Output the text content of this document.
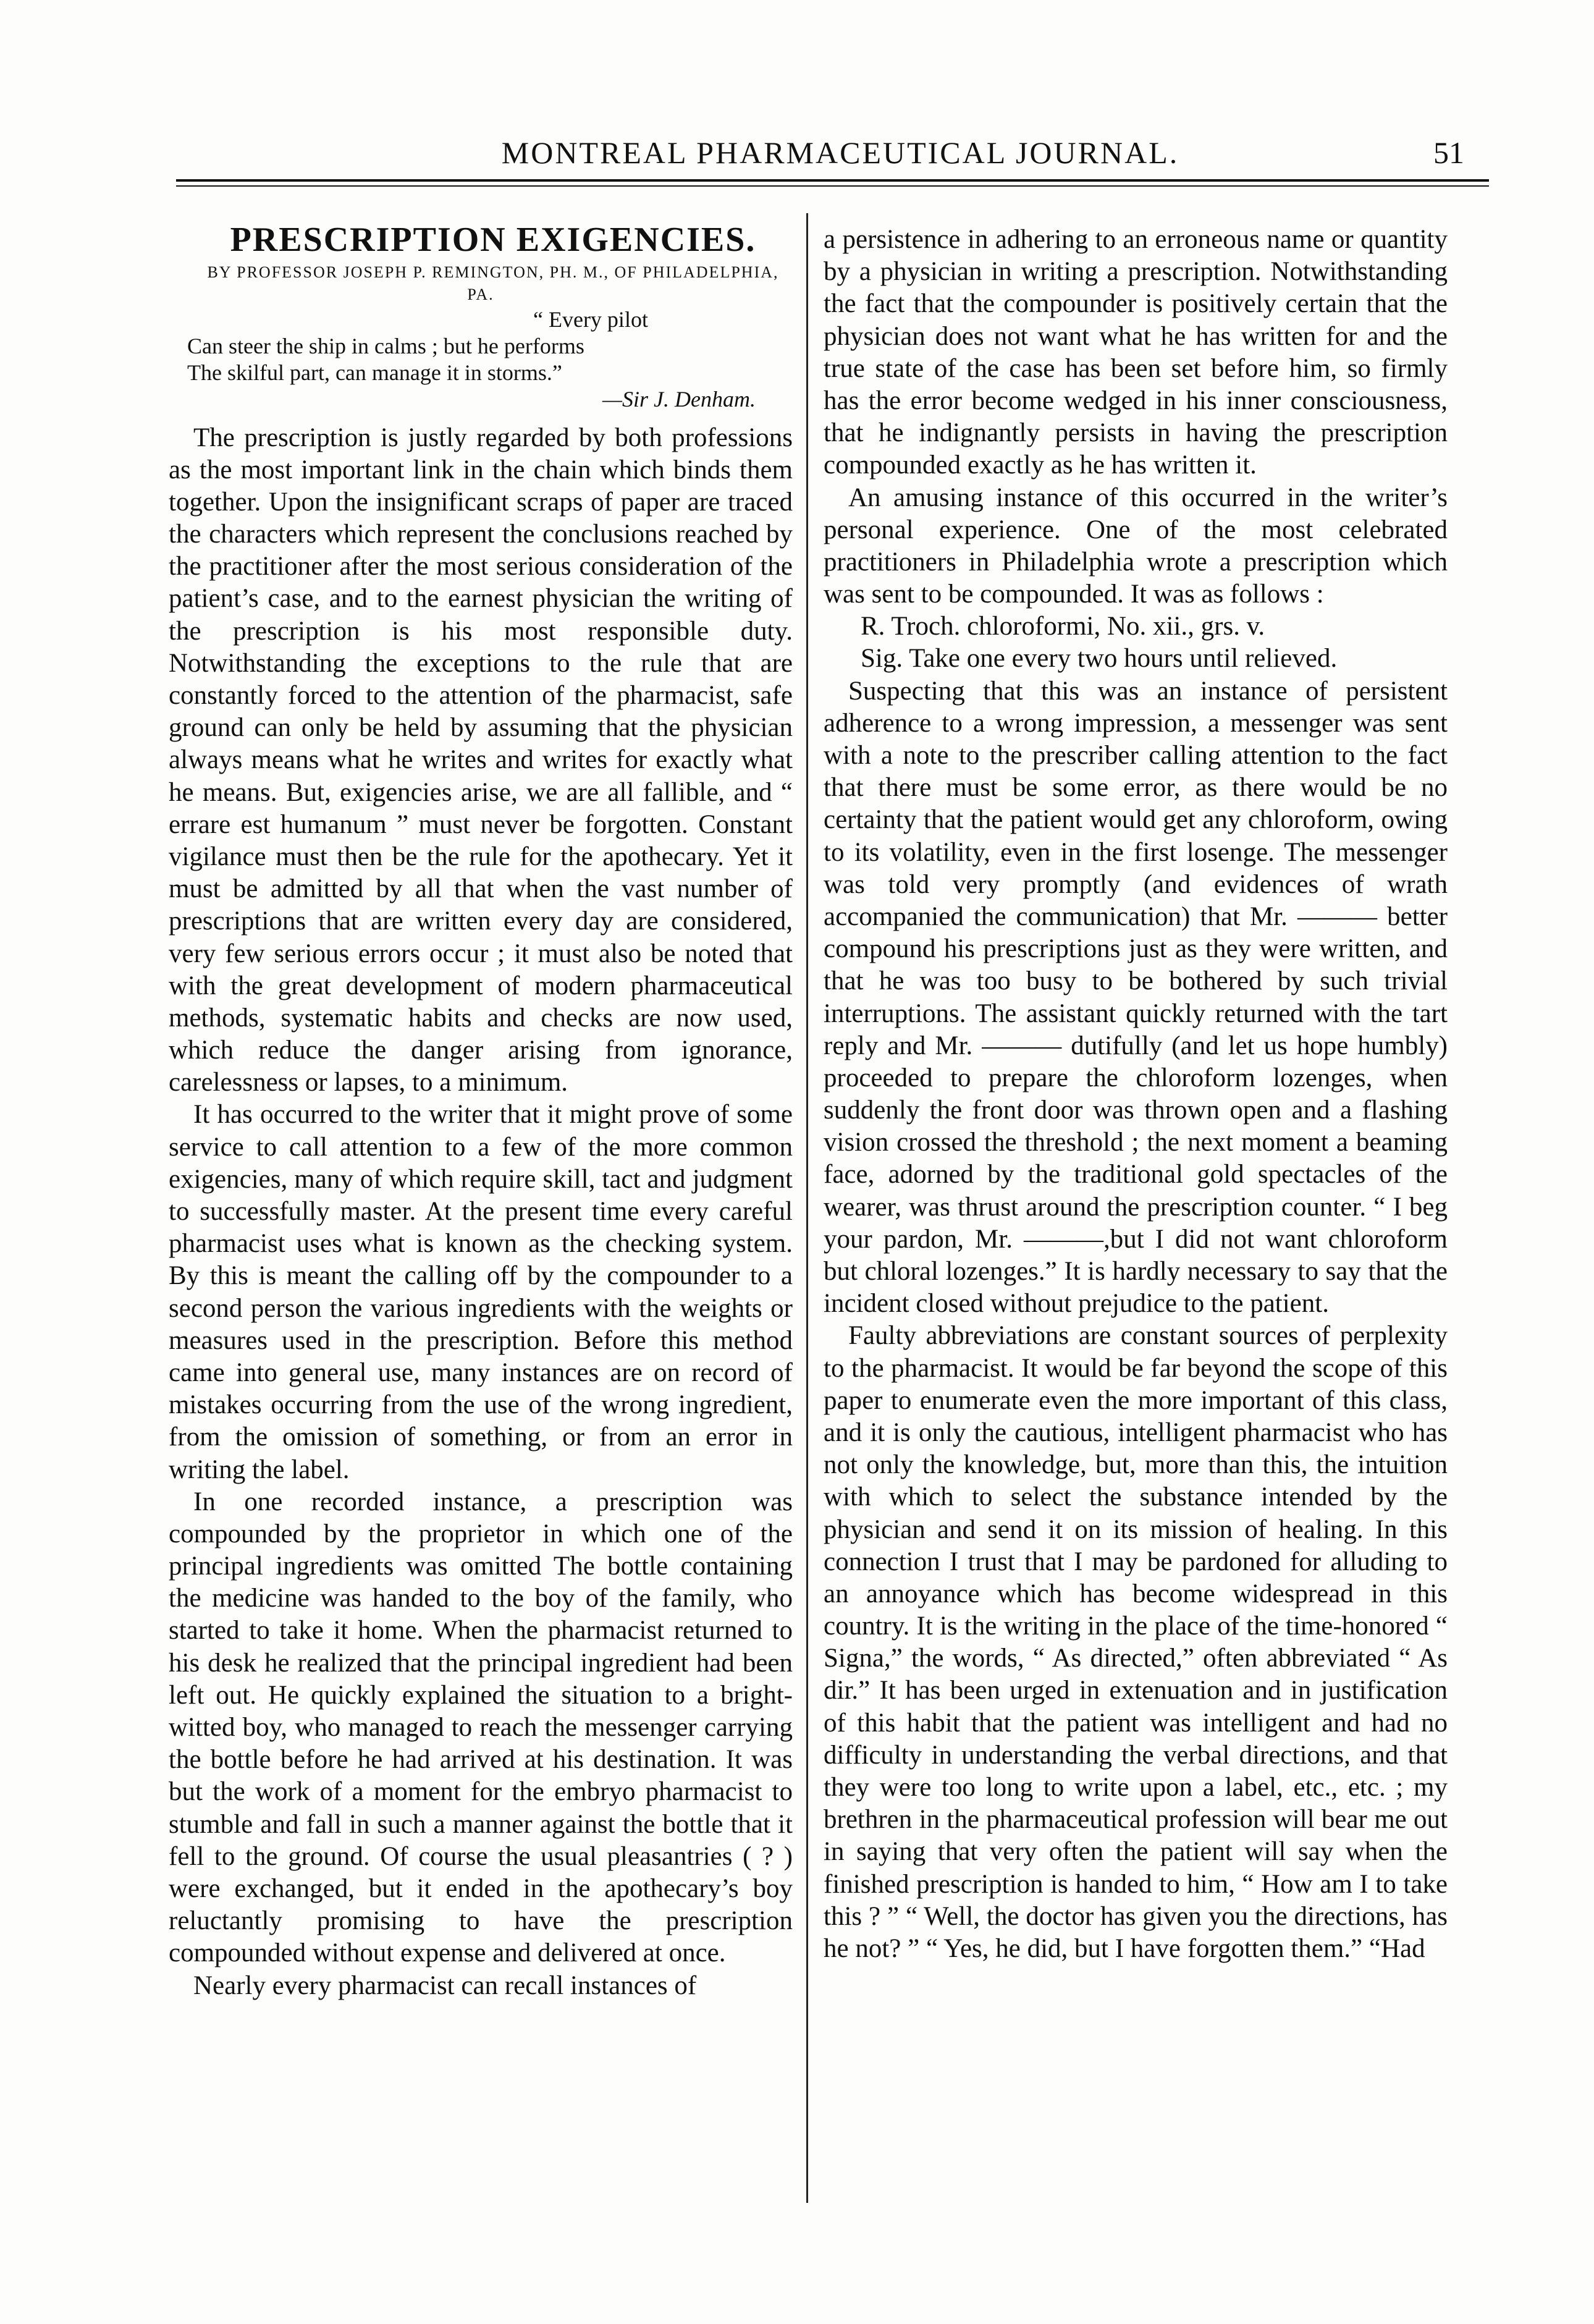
MONTREAL PHARMACEUTICAL JOURNAL.	51

PRESCRIPTION EXIGENCIES.

BY PROFESSOR JOSEPH P. REMINGTON, PH. M., OF PHILADELPHIA, PA.

“ Every pilot
Can steer the ship in calms ; but he performs
The skilful part, can manage it in storms.”
—Sir J. Denham.

The prescription is justly regarded by both professions as the most important link in the chain which binds them together. Upon the insignificant scraps of paper are traced the characters which represent the conclusions reached by the practitioner after the most serious consideration of the patient’s case, and to the earnest physician the writing of the prescription is his most responsible duty. Notwithstanding the exceptions to the rule that are constantly forced to the attention of the pharmacist, safe ground can only be held by assuming that the physician always means what he writes and writes for exactly what he means. But, exigencies arise, we are all fallible, and “ errare est humanum ” must never be forgotten. Constant vigilance must then be the rule for the apothecary. Yet it must be admitted by all that when the vast number of prescriptions that are written every day are considered, very few serious errors occur ; it must also be noted that with the great development of modern pharmaceutical methods, systematic habits and checks are now used, which reduce the danger arising from ignorance, carelessness or lapses, to a minimum.

It has occurred to the writer that it might prove of some service to call attention to a few of the more common exigencies, many of which require skill, tact and judgment to successfully master. At the present time every careful pharmacist uses what is known as the checking system. By this is meant the calling off by the compounder to a second person the various ingredients with the weights or measures used in the prescription. Before this method came into general use, many instances are on record of mistakes occurring from the use of the wrong ingredient, from the omission of something, or from an error in writing the label.

In one recorded instance, a prescription was compounded by the proprietor in which one of the principal ingredients was omitted The bottle containing the medicine was handed to the boy of the family, who started to take it home. When the pharmacist returned to his desk he realized that the principal ingredient had been left out. He quickly explained the situation to a bright-witted boy, who managed to reach the messenger carrying the bottle before he had arrived at his destination. It was but the work of a moment for the embryo pharmacist to stumble and fall in such a manner against the bottle that it fell to the ground. Of course the usual pleasantries ( ? ) were exchanged, but it ended in the apothecary’s boy reluctantly promising to have the prescription compounded without expense and delivered at once.

Nearly every pharmacist can recall instances of

a persistence in adhering to an erroneous name or quantity by a physician in writing a prescription. Notwithstanding the fact that the compounder is positively certain that the physician does not want what he has written for and the true state of the case has been set before him, so firmly has the error become wedged in his inner consciousness, that he indignantly persists in having the prescription compounded exactly as he has written it.

An amusing instance of this occurred in the writer’s personal experience. One of the most celebrated practitioners in Philadelphia wrote a prescription which was sent to be compounded. It was as follows :

R. Troch. chloroformi, No. xii., grs. v.

Sig. Take one every two hours until relieved.

Suspecting that this was an instance of persistent adherence to a wrong impression, a messenger was sent with a note to the prescriber calling attention to the fact that there must be some error, as there would be no certainty that the patient would get any chloroform, owing to its volatility, even in the first losenge. The messenger was told very promptly (and evidences of wrath accompanied the communication) that Mr. ——— better compound his prescriptions just as they were written, and that he was too busy to be bothered by such trivial interruptions. The assistant quickly returned with the tart reply and Mr. ——— dutifully (and let us hope humbly) proceeded to prepare the chloroform lozenges, when suddenly the front door was thrown open and a flashing vision crossed the threshold ; the next moment a beaming face, adorned by the traditional gold spectacles of the wearer, was thrust around the prescription counter. “ I beg your pardon, Mr. ———,but I did not want chloroform but chloral lozenges.” It is hardly necessary to say that the incident closed without prejudice to the patient.

Faulty abbreviations are constant sources of perplexity to the pharmacist. It would be far beyond the scope of this paper to enumerate even the more important of this class, and it is only the cautious, intelligent pharmacist who has not only the knowledge, but, more than this, the intuition with which to select the substance intended by the physician and send it on its mission of healing. In this connection I trust that I may be pardoned for alluding to an annoyance which has become widespread in this country. It is the writing in the place of the time-honored “ Signa,” the words, “ As directed,” often abbreviated “ As dir.” It has been urged in extenuation and in justification of this habit that the patient was intelligent and had no difficulty in understanding the verbal directions, and that they were too long to write upon a label, etc., etc. ; my brethren in the pharmaceutical profession will bear me out in saying that very often the patient will say when the finished prescription is handed to him, “ How am I to take this ? ” “ Well, the doctor has given you the directions, has he not? ” “ Yes, he did, but I have forgotten them.” “Had
